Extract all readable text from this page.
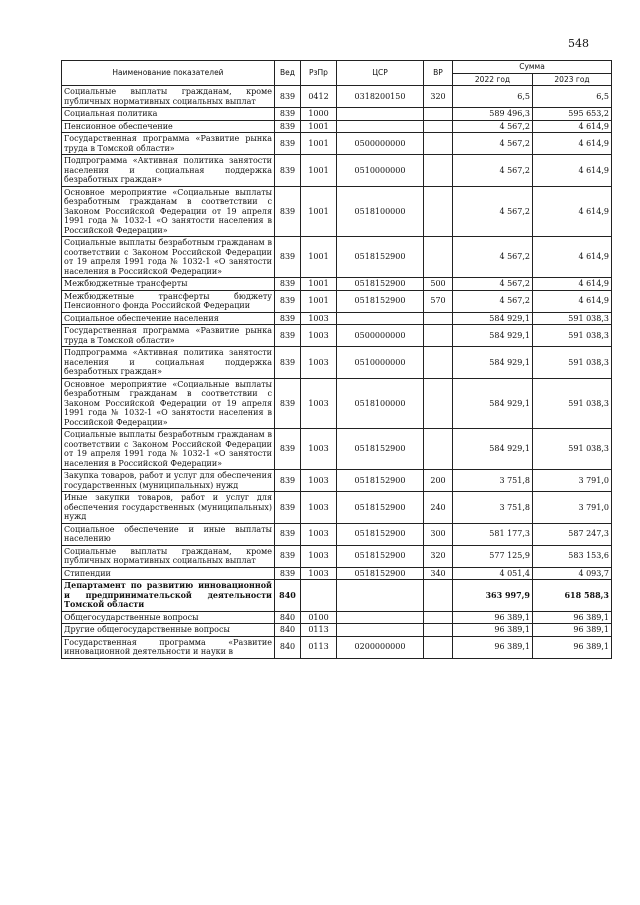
548
Наименование показателей	Вед	РзПр	ЦСР	ВР	Сумма	
					2022 год	2023 год
Социальные выплаты гражданам, кроме публичных нормативных социальных выплат	839	0412	0318200150	320	6,5	6,5
Социальная политика	839	1000			589 496,3	595 653,2
Пенсионное обеспечение	839	1001			4 567,2	4 614,9
Государственная программа «Развитие рынка труда в Томской области»	839	1001	0500000000		4 567,2	4 614,9
Подпрограмма «Активная политика занятости населения и социальная поддержка безработных граждан»	839	1001	0510000000		4 567,2	4 614,9
Основное мероприятие «Социальные выплаты безработным гражданам в соответствии с Законом Российской Федерации от 19 апреля 1991 года № 1032-1 «О занятости населения в Российской Федерации»	839	1001	0518100000		4 567,2	4 614,9
Социальные выплаты безработным гражданам в соответствии с Законом Российской Федерации от 19 апреля 1991 года № 1032-1 «О занятости населения в Российской Федерации»	839	1001	0518152900		4 567,2	4 614,9
Межбюджетные трансферты	839	1001	0518152900	500	4 567,2	4 614,9
Межбюджетные трансферты бюджету Пенсионного фонда Российской Федерации	839	1001	0518152900	570	4 567,2	4 614,9
Социальное обеспечение населения	839	1003			584 929,1	591 038,3
Государственная программа «Развитие рынка труда в Томской области»	839	1003	0500000000		584 929,1	591 038,3
Подпрограмма «Активная политика занятости населения и социальная поддержка безработных граждан»	839	1003	0510000000		584 929,1	591 038,3
Основное мероприятие «Социальные выплаты безработным гражданам в соответствии с Законом Российской Федерации от 19 апреля 1991 года № 1032-1 «О занятости населения в Российской Федерации»	839	1003	0518100000		584 929,1	591 038,3
Социальные выплаты безработным гражданам в соответствии с Законом Российской Федерации от 19 апреля 1991 года № 1032-1 «О занятости населения в Российской Федерации»	839	1003	0518152900		584 929,1	591 038,3
Закупка товаров, работ и услуг для обеспечения государственных (муниципальных) нужд	839	1003	0518152900	200	3 751,8	3 791,0
Иные закупки товаров, работ и услуг для обеспечения государственных (муниципальных) нужд	839	1003	0518152900	240	3 751,8	3 791,0
Социальное обеспечение и иные выплаты населению	839	1003	0518152900	300	581 177,3	587 247,3
Социальные выплаты гражданам, кроме публичных нормативных социальных выплат	839	1003	0518152900	320	577 125,9	583 153,6
Стипендии	839	1003	0518152900	340	4 051,4	4 093,7
Департамент по развитию инновационной и предпринимательской деятельности Томской области	840				363 997,9	618 588,3
Общегосударственные вопросы	840	0100			96 389,1	96 389,1
Другие общегосударственные вопросы	840	0113			96 389,1	96 389,1
Государственная программа «Развитие инновационной деятельности и науки в	840	0113	0200000000		96 389,1	96 389,1
